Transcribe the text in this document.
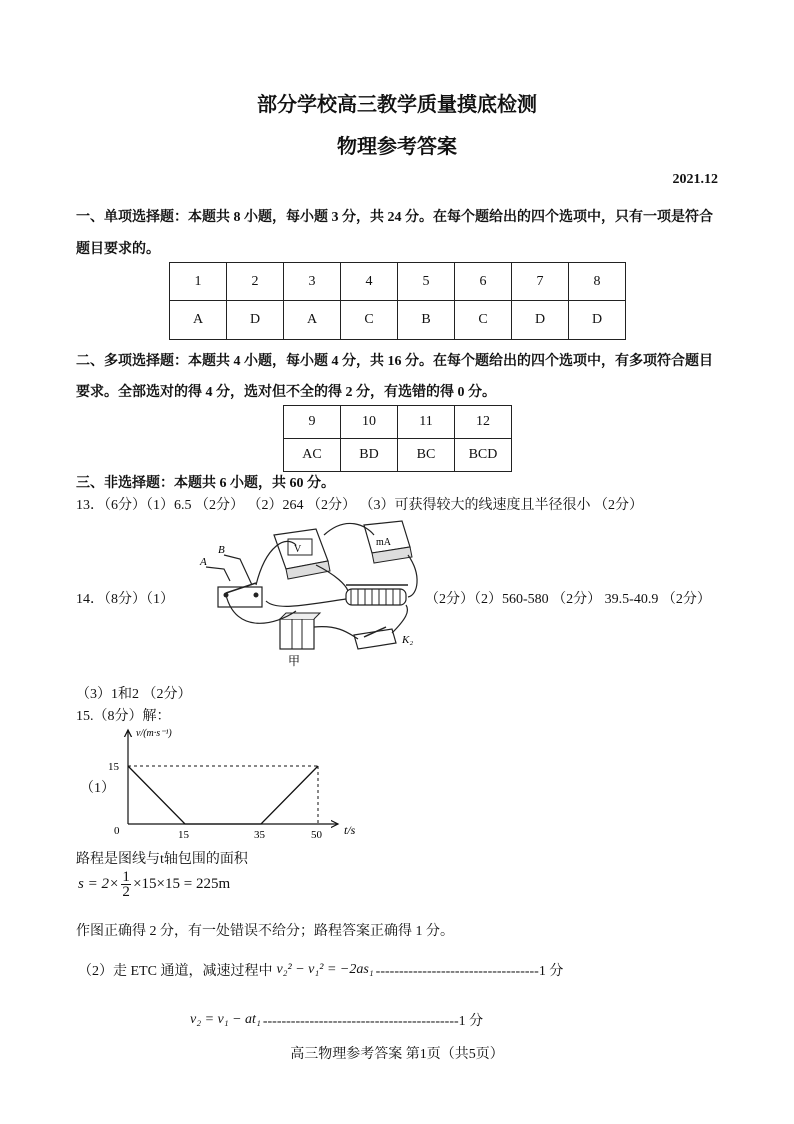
部分学校高三教学质量摸底检测
物理参考答案
2021.12
一、单项选择题：本题共 8 小题，每小题 3 分，共 24 分。在每个题给出的四个选项中，只有一项是符合
题目要求的。
1	2	3	4	5	6	7	8
A	D	A	C	B	C	D	D
二、多项选择题：本题共 4 小题，每小题 4 分，共 16 分。在每个题给出的四个选项中，有多项符合题目
要求。全部选对的得 4 分，选对但不全的得 2 分，有选错的得 0 分。
9	10	11	12
AC	BD	BC	BCD
三、非选择题：本题共 6 小题，共 60 分。
13．（6分）（1）6.5 （2分） （2）264 （2分） （3）可获得较大的线速度且半径很小 （2分）
14．（8分）（1）
A
B	V
mA
甲
K₂
（2分）（2）560-580 （2分） 39.5-40.9 （2分）
（3）1和2 （2分）
15.（8分）解：
（1）
v/(m·s⁻¹)
t/s
0	15	35	50
15
路程是图线与t轴包围的面积
s = 2× 1
2 ×15×15 = 225m
作图正确得 2 分，有一处错误不给分；路程答案正确得 1 分。
（2）走 ETC 通道，减速过程中 v₂² − v₁² = −2as₁ -----------------------------------1 分
v₂ = v₁ − at₁ ------------------------------------------1 分
高三物理参考答案 第1页（共5页）
